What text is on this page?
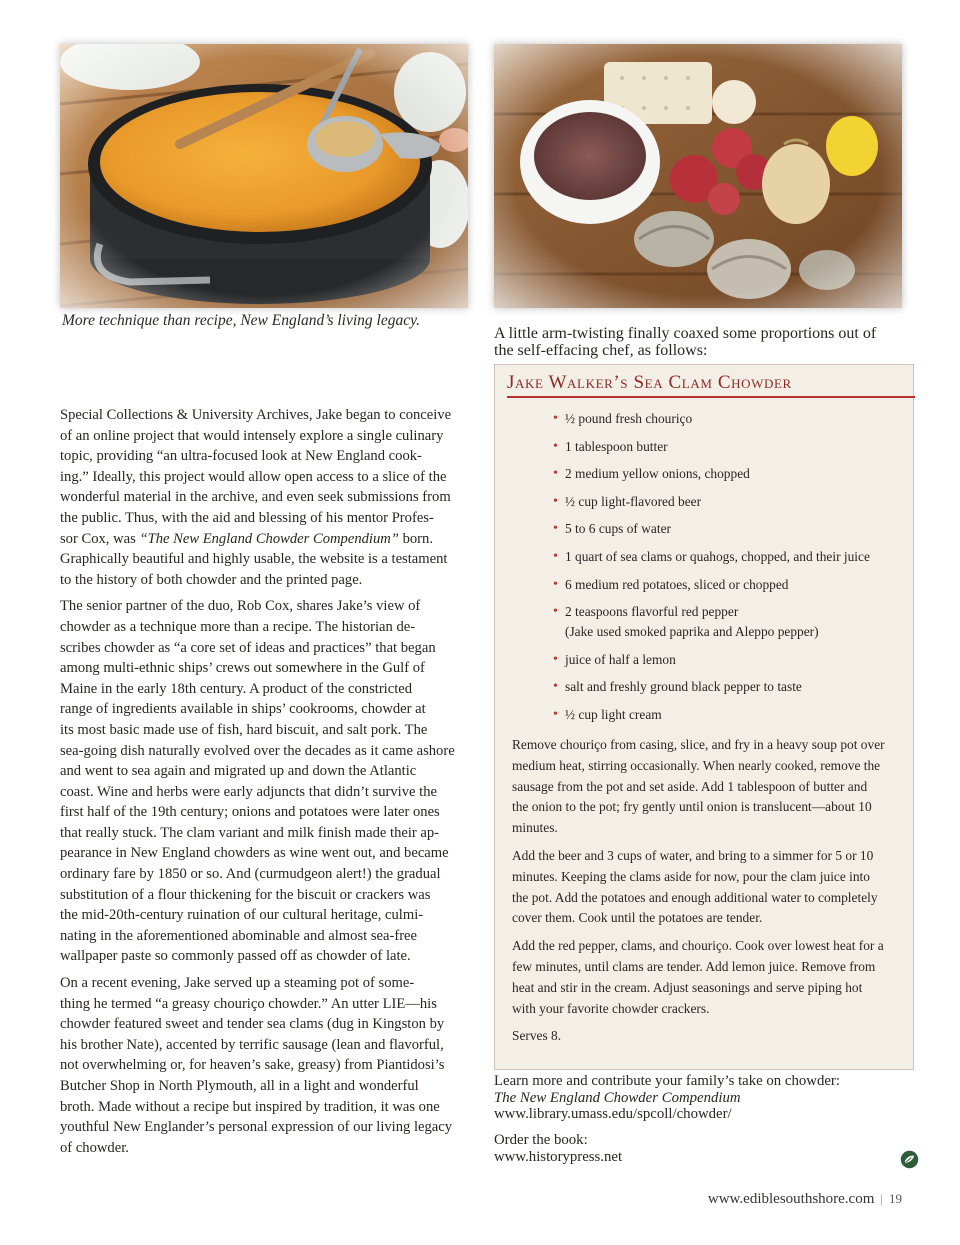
More technique than recipe, New England’s living legacy.
A little arm-twisting finally coaxed some proportions out of
the self-effacing chef, as follows:

Special Collections & University Archives, Jake began to conceive
of an online project that would intensely explore a single culinary
topic, providing “an ultra-focused look at New England cook-
ing.” Ideally, this project would allow open access to a slice of the
wonderful material in the archive, and even seek submissions from
the public. Thus, with the aid and blessing of his mentor Profes-
sor Cox, was “The New England Chowder Compendium” born.
Graphically beautiful and highly usable, the website is a testament
to the history of both chowder and the printed page.

The senior partner of the duo, Rob Cox, shares Jake’s view of
chowder as a technique more than a recipe. The historian de-
scribes chowder as “a core set of ideas and practices” that began
among multi-ethnic ships’ crews out somewhere in the Gulf of
Maine in the early 18th century. A product of the constricted
range of ingredients available in ships’ cookrooms, chowder at
its most basic made use of fish, hard biscuit, and salt pork. The
sea-going dish naturally evolved over the decades as it came ashore
and went to sea again and migrated up and down the Atlantic
coast. Wine and herbs were early adjuncts that didn’t survive the
first half of the 19th century; onions and potatoes were later ones
that really stuck. The clam variant and milk finish made their ap-
pearance in New England chowders as wine went out, and became
ordinary fare by 1850 or so. And (curmudgeon alert!) the gradual
substitution of a flour thickening for the biscuit or crackers was
the mid-20th-century ruination of our cultural heritage, culmi-
nating in the aforementioned abominable and almost sea-free
wallpaper paste so commonly passed off as chowder of late.

On a recent evening, Jake served up a steaming pot of some-
thing he termed “a greasy chouriço chowder.” An utter LIE—his
chowder featured sweet and tender sea clams (dug in Kingston by
his brother Nate), accented by terrific sausage (lean and flavorful,
not overwhelming or, for heaven’s sake, greasy) from Piantidosi’s
Butcher Shop in North Plymouth, all in a light and wonderful
broth. Made without a recipe but inspired by tradition, it was one
youthful New Englander’s personal expression of our living legacy
of chowder.

Jake Walker’s Sea Clam Chowder
• ½ pound fresh chouriço
• 1 tablespoon butter
• 2 medium yellow onions, chopped
• ½ cup light-flavored beer
• 5 to 6 cups of water
• 1 quart of sea clams or quahogs, chopped, and their juice
• 6 medium red potatoes, sliced or chopped
• 2 teaspoons flavorful red pepper
(Jake used smoked paprika and Aleppo pepper)
• juice of half a lemon
• salt and freshly ground black pepper to taste
• ½ cup light cream

Remove chouriço from casing, slice, and fry in a heavy soup pot over
medium heat, stirring occasionally. When nearly cooked, remove the
sausage from the pot and set aside. Add 1 tablespoon of butter and
the onion to the pot; fry gently until onion is translucent—about 10
minutes.

Add the beer and 3 cups of water, and bring to a simmer for 5 or 10
minutes. Keeping the clams aside for now, pour the clam juice into
the pot. Add the potatoes and enough additional water to completely
cover them. Cook until the potatoes are tender.

Add the red pepper, clams, and chouriço. Cook over lowest heat for a
few minutes, until clams are tender. Add lemon juice. Remove from
heat and stir in the cream. Adjust seasonings and serve piping hot
with your favorite chowder crackers.

Serves 8.

Learn more and contribute your family’s take on chowder:
The New England Chowder Compendium
www.library.umass.edu/spcoll/chowder/
Order the book:
www.historypress.net
www.ediblesouthshore.com | 19
